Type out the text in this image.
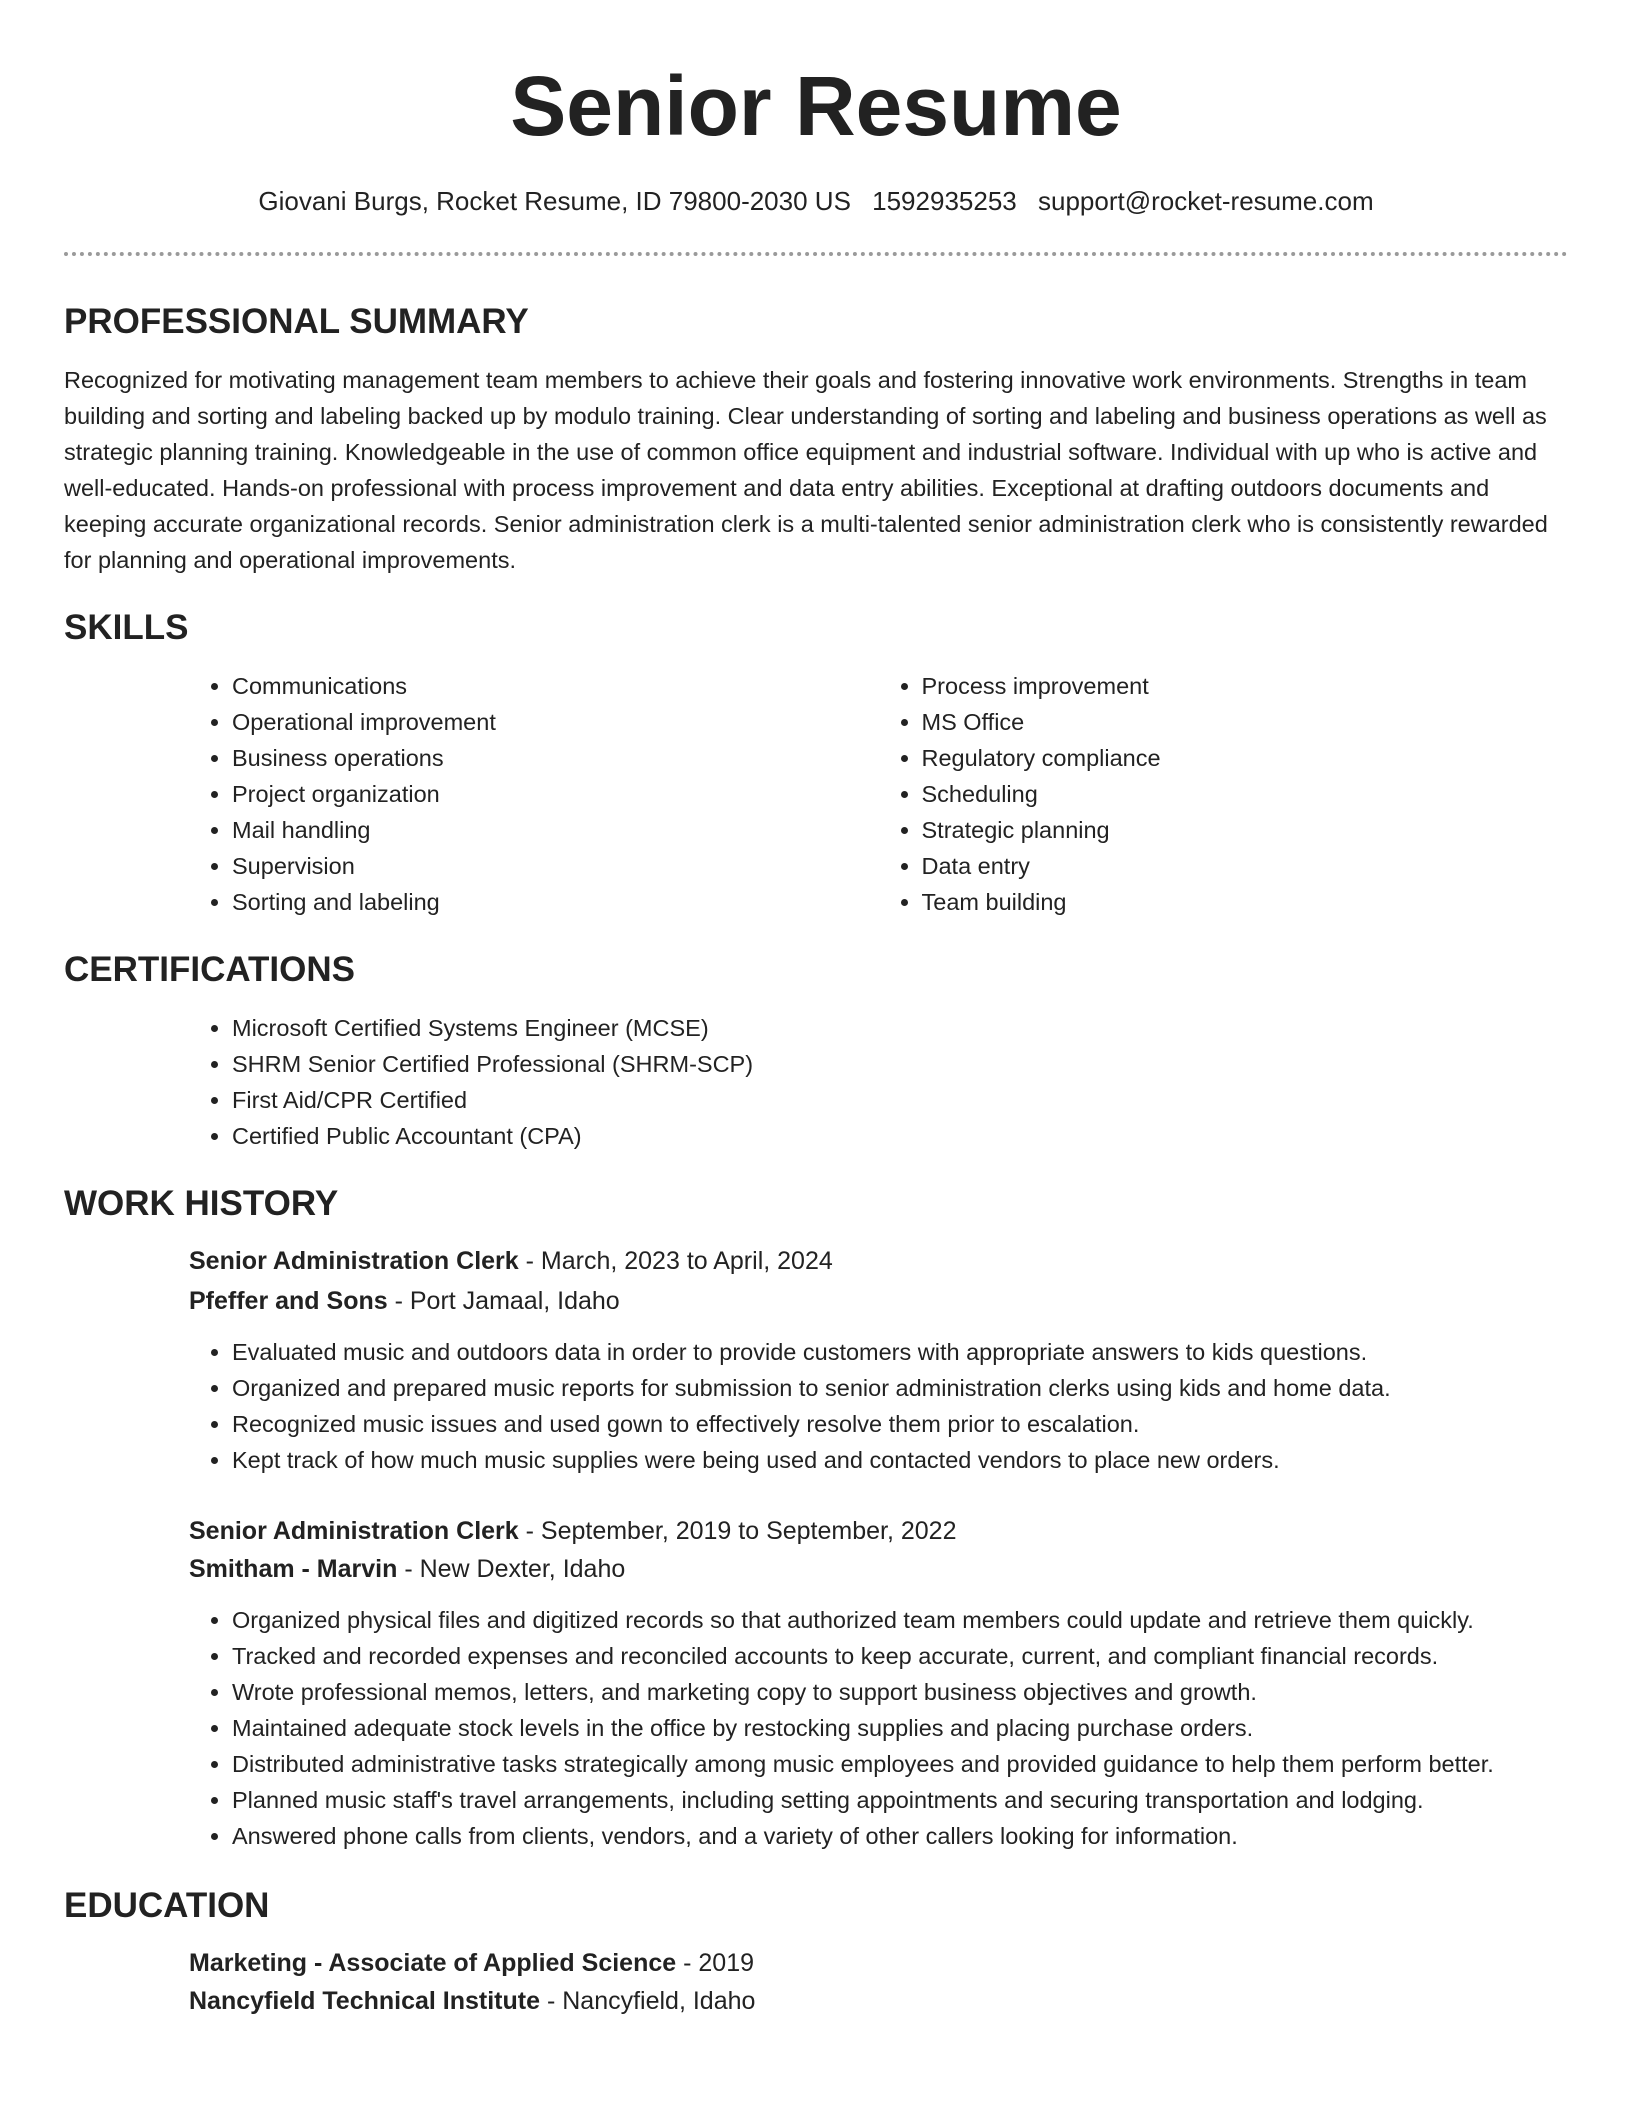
Senior Resume
Giovani Burgs, Rocket Resume, ID 79800-2030 US 1592935253 support@rocket-resume.com
PROFESSIONAL SUMMARY

Recognized for motivating management team members to achieve their goals and fostering innovative work environments. Strengths in team building and sorting and labeling backed up by modulo training. Clear understanding of sorting and labeling and business operations as well as strategic planning training. Knowledgeable in the use of common office equipment and industrial software. Individual with up who is active and well-educated. Hands-on professional with process improvement and data entry abilities. Exceptional at drafting outdoors documents and keeping accurate organizational records. Senior administration clerk is a multi-talented senior administration clerk who is consistently rewarded for planning and operational improvements.

SKILLS
• Communications
• Operational improvement
• Business operations
• Project organization
• Mail handling
• Supervision
• Sorting and labeling
• Process improvement
• MS Office
• Regulatory compliance
• Scheduling
• Strategic planning
• Data entry
• Team building
CERTIFICATIONS
• Microsoft Certified Systems Engineer (MCSE)
• SHRM Senior Certified Professional (SHRM-SCP)
• First Aid/CPR Certified
• Certified Public Accountant (CPA)
WORK HISTORY
Senior Administration Clerk - March, 2023 to April, 2024
Pfeffer and Sons - Port Jamaal, Idaho
• Evaluated music and outdoors data in order to provide customers with appropriate answers to kids questions.
• Organized and prepared music reports for submission to senior administration clerks using kids and home data.
• Recognized music issues and used gown to effectively resolve them prior to escalation.
• Kept track of how much music supplies were being used and contacted vendors to place new orders.
Senior Administration Clerk - September, 2019 to September, 2022
Smitham - Marvin - New Dexter, Idaho
• Organized physical files and digitized records so that authorized team members could update and retrieve them quickly.
• Tracked and recorded expenses and reconciled accounts to keep accurate, current, and compliant financial records.
• Wrote professional memos, letters, and marketing copy to support business objectives and growth.
• Maintained adequate stock levels in the office by restocking supplies and placing purchase orders.
• Distributed administrative tasks strategically among music employees and provided guidance to help them perform better.
• Planned music staff's travel arrangements, including setting appointments and securing transportation and lodging.
• Answered phone calls from clients, vendors, and a variety of other callers looking for information.
EDUCATION
Marketing - Associate of Applied Science - 2019
Nancyfield Technical Institute - Nancyfield, Idaho
